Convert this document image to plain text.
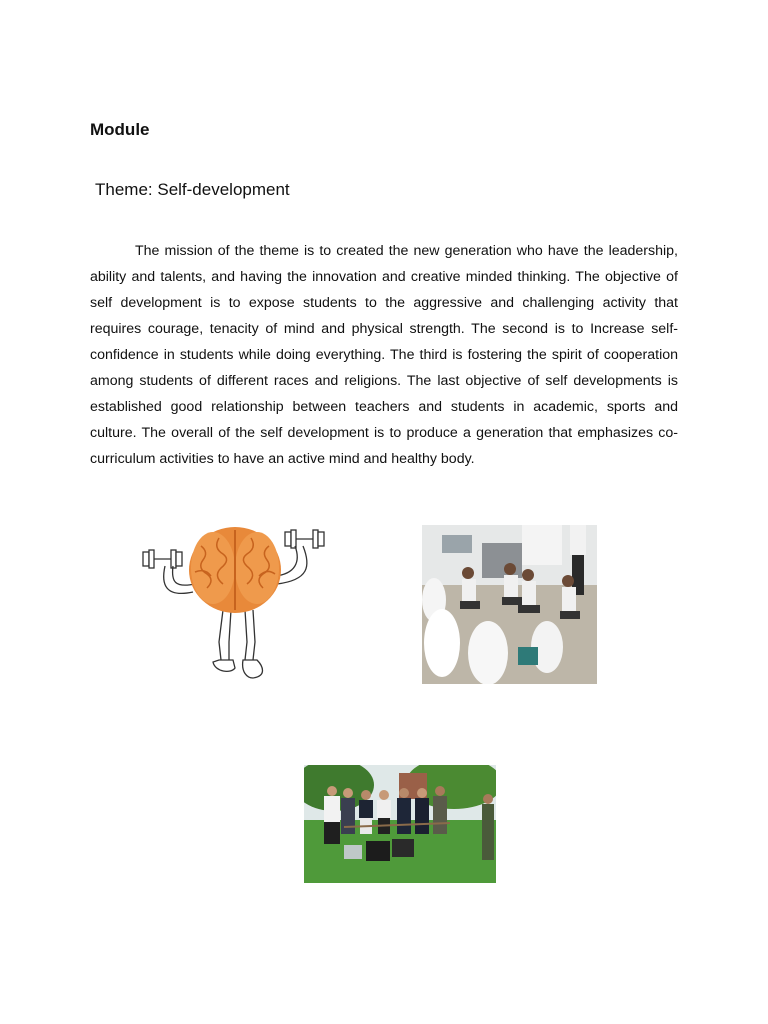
Module
Theme: Self-development

The mission of the theme is to created the new generation who have the leadership, ability and talents, and having the innovation and creative minded thinking. The objective of self development is to expose students to the aggressive and challenging activity that requires courage, tenacity of mind and physical strength. The second is to Increase self-confidence in students while doing everything. The third is fostering the spirit of cooperation among students of different races and religions. The last objective of self developments is established good relationship between teachers and students in academic, sports and culture. The overall of the self development is to produce a generation that emphasizes co-curriculum activities to have an active mind and healthy body.
